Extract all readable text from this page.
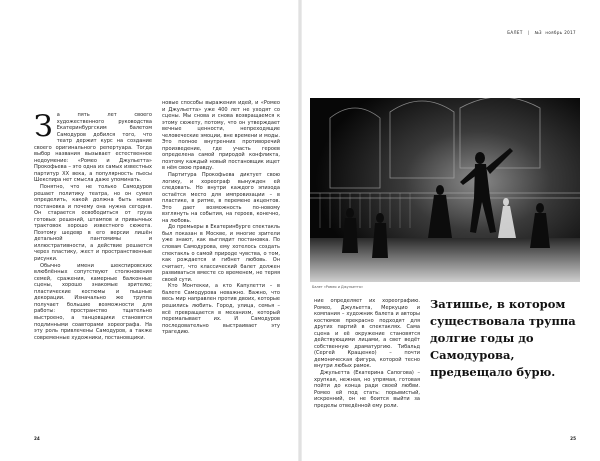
БАЛЕТ | №3 ноябрь 2017

За пять лет своего художественного руководства Екатеринбургским балетом Самодуров добился того, что театр держит курс на создание своего оригинального репертуара. Тогда выбор названия вызывает естественное недоумение: «Ромео и Джульетта» Прокофьева – это одна из самых известных партитур XX века, а популярность пьесы Шекспира нет смысла даже упоминать.

Понятно, что не только Самодуров решает политику театра, но он сумел определить, какой должна быть новая постановка и почему она нужна сегодня. Он старается освободиться от груза готовых решений, штампов и привычных трактовок хорошо известного сюжета. Поэтому шедевр в его версии лишён детальной пантомимы и иллюстративности, а действие решается через пластику, жест и пространственные рисунки.

Обычно имени шекспировских влюблённых сопутствуют столкновения семей, сражения, камерные балконные сцены, хорошо знакомые зрителю; пластические костюмы и пышные декорации. Изначально же труппа получает большие возможности для работы: пространство тщательно выстроено, а танцовщики становятся подлинными соавторами хореографа. На эту роль привлечены Самодуров, а также современные художники, постановщики.

новые способы выражения идей, и «Ромео и Джульетта» уже 400 лет не уходят со сцены. Мы снова и снова возвращаемся к этому сюжету, потому, что он утверждает вечные ценности, непреходящие человеческие эмоции, вне времени и моды. Это полное внутренних противоречий произведение, где участь героев определена самой природой конфликта, поэтому каждый новый постановщик ищет в нём свою правду.

Партитура Прокофьева диктует свою логику, и хореограф вынужден ей следовать. Но внутри каждого эпизода остаётся место для импровизации – в пластике, в ритме, в перемене акцентов. Это дает возможность по-новому взглянуть на события, на героев, конечно, на любовь.

До премьеры в Екатеринбурге спектакль был показан в Москве, и многие зрители уже знают, как выглядит постановка. По словам Самодурова, ему хотелось создать спектакль о самой природе чувства, о том, как рождается и гибнет любовь. Он считает, что классический балет должен развиваться вместе со временем, не теряя своей сути.

Кто Монтекки, а кто Капулетти – в балете Самодурова неважно. Важно, что весь мир направлен против двоих, которые решились любить. Город, улица, семья – всё превращается в механизм, который перемалывает их. И Самодуров последовательно выстраивает эту трагедию.

Балет «Ромео и Джульетта»

ние определяет их хореографию. Ромео, Джульетта, Меркуцио и компания – художник балета и авторы костюмов прекрасно подходят для других партий в спектаклях. Сама сцена и её окружение становятся действующими лицами, а свет ведёт собственную драматургию. Тибальд (Сергей Кращенко) – почти демоническая фигура, которой тесно внутри любых рамок.

Джульетта (Екатерина Сапогова) – хрупкая, нежная, но упрямая, готовая пойти до конца ради своей любви. Ромео ей под стать: порывистый, искренний, он не боится выйти за пределы отведённой ему роли.

Затишье, в котором существовала труппа долгие годы до Самодурова, предвещало бурю.
24	25
